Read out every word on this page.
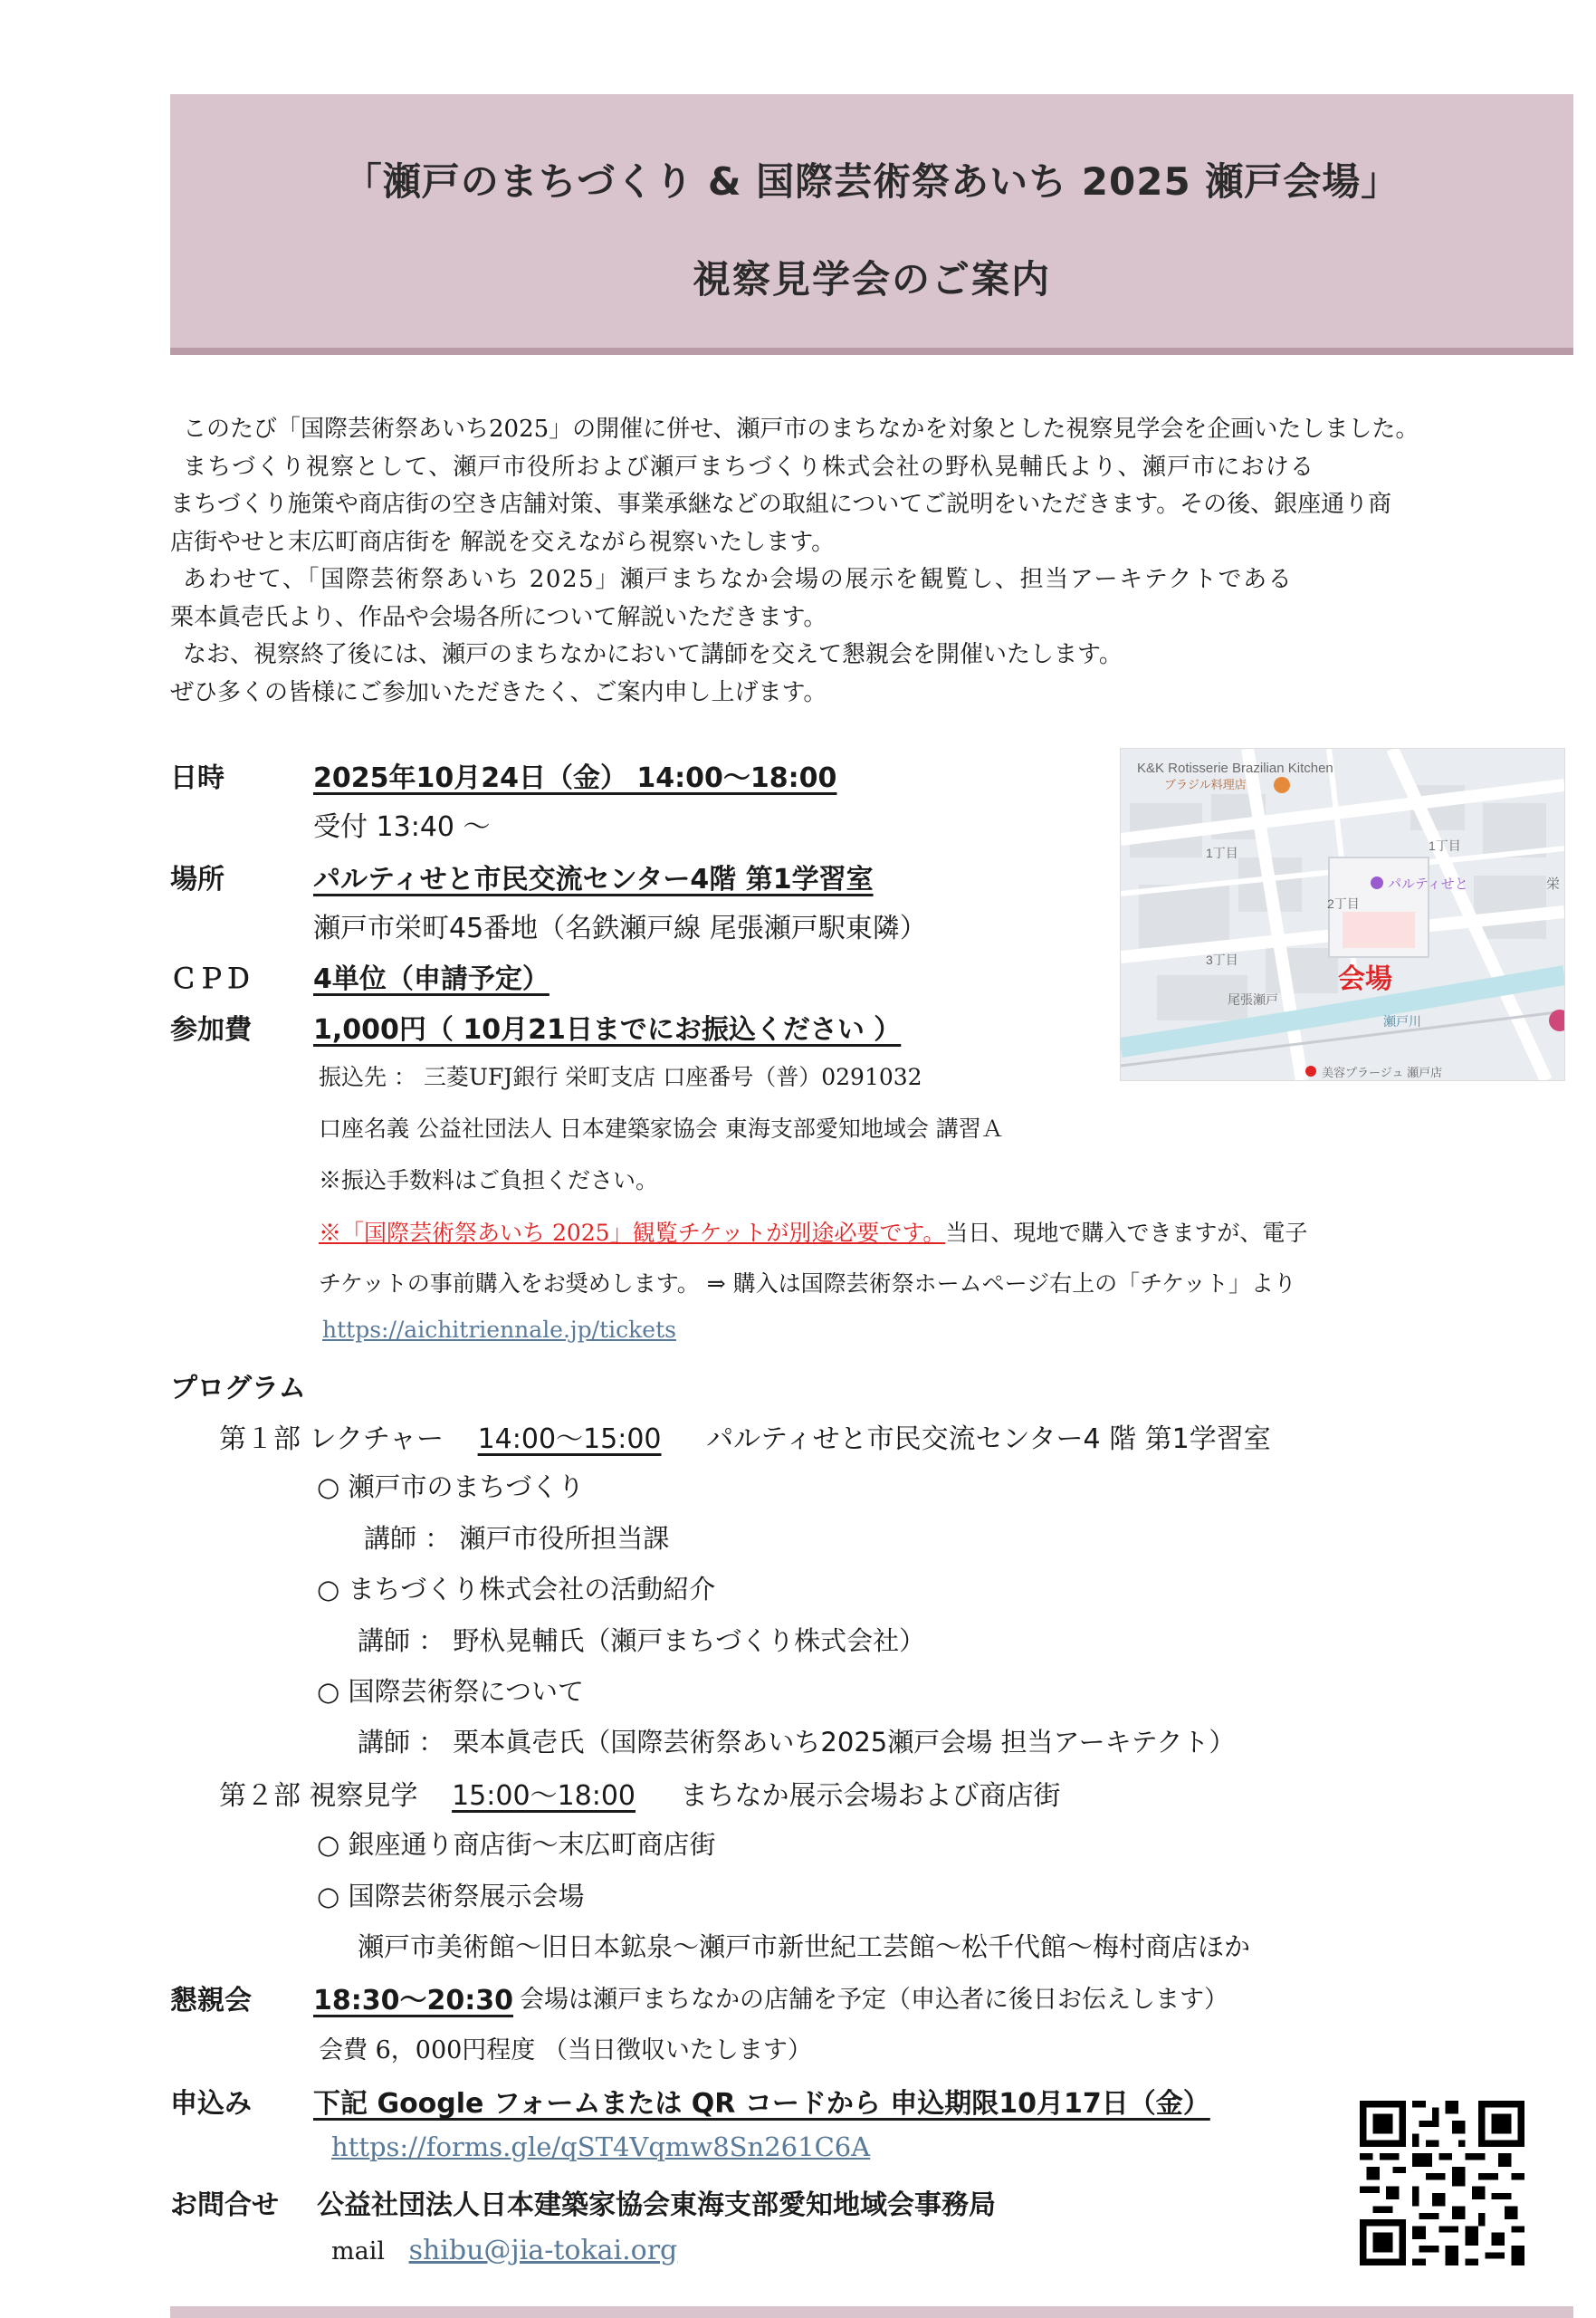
「瀬戸のまちづくり & 国際芸術祭あいち 2025 瀬戸会場」
視察見学会のご案内

このたび「国際芸術祭あいち2025」の開催に併せ、瀬戸市のまちなかを対象とした視察見学会を企画いたしました。

まちづくり視察として、瀬戸市役所および瀬戸まちづくり株式会社の野杁晃輔氏より、瀬戸市における

まちづくり施策や商店街の空き店舗対策、事業承継などの取組についてご説明をいただきます。その後、銀座通り商

店街やせと末広町商店街を 解説を交えながら視察いたします。

あわせて、「国際芸術祭あいち 2025」瀬戸まちなか会場の展示を観覧し、担当アーキテクトである

栗本眞壱氏より、作品や会場各所について解説いただきます。

なお、視察終了後には、瀬戸のまちなかにおいて講師を交えて懇親会を開催いたします。

ぜひ多くの皆様にご参加いただきたく、ご案内申し上げます。

日時	2025年10月24日（金） 14:00～18:00
受付 13:40 ～
場所	パルティせと市民交流センター4階 第1学習室
瀬戸市栄町45番地（名鉄瀬戸線 尾張瀬戸駅東隣）
ＣＰＤ 4単位（申請予定）
参加費 1,000円（ 10月21日までにお振込ください ）
振込先 ： 三菱UFJ銀行 栄町支店 口座番号（普）0291032
口座名義 公益社団法人 日本建築家協会 東海支部愛知地域会 講習Ａ
※振込手数料はご負担ください。
※「国際芸術祭あいち 2025」観覧チケットが別途必要です。当日、現地で購入できますが、電子
チケットの事前購入をお奨めします。 ⇒ 購入は国際芸術祭ホームページ右上の「チケット」より
https://aichitriennale.jp/tickets
K&K Rotisserie Brazilian Kitchen
ブラジル料理店
1丁目	1丁目
2丁目
3丁目
パルティせと	栄
尾張瀬戸
瀬戸川
美容プラージュ 瀬戸店
会場
プログラム
第１部 レクチャー 14:00～15:00 パルティせと市民交流センター4 階 第1学習室
○ 瀬戸市のまちづくり
講師 ： 瀬戸市役所担当課
○ まちづくり株式会社の活動紹介
講師 ： 野杁晃輔氏（瀬戸まちづくり株式会社）
○ 国際芸術祭について
講師 ： 栗本眞壱氏（国際芸術祭あいち2025瀬戸会場 担当アーキテクト）
第２部 視察見学 15:00～18:00 まちなか展示会場および商店街
○ 銀座通り商店街～末広町商店街
○ 国際芸術祭展示会場
瀬戸市美術館～旧日本鉱泉～瀬戸市新世紀工芸館～松千代館～梅村商店ほか
懇親会 18:30～20:30 会場は瀬戸まちなかの店舗を予定（申込者に後日お伝えします）
会費 6，000円程度 （当日徴収いたします）
申込み 下記 Google フォームまたは QR コードから 申込期限10月17日（金）
https://forms.gle/qST4Vqmw8Sn261C6A
お問合せ 公益社団法人日本建築家協会東海支部愛知地域会事務局
mail shibu@jia-tokai.org
